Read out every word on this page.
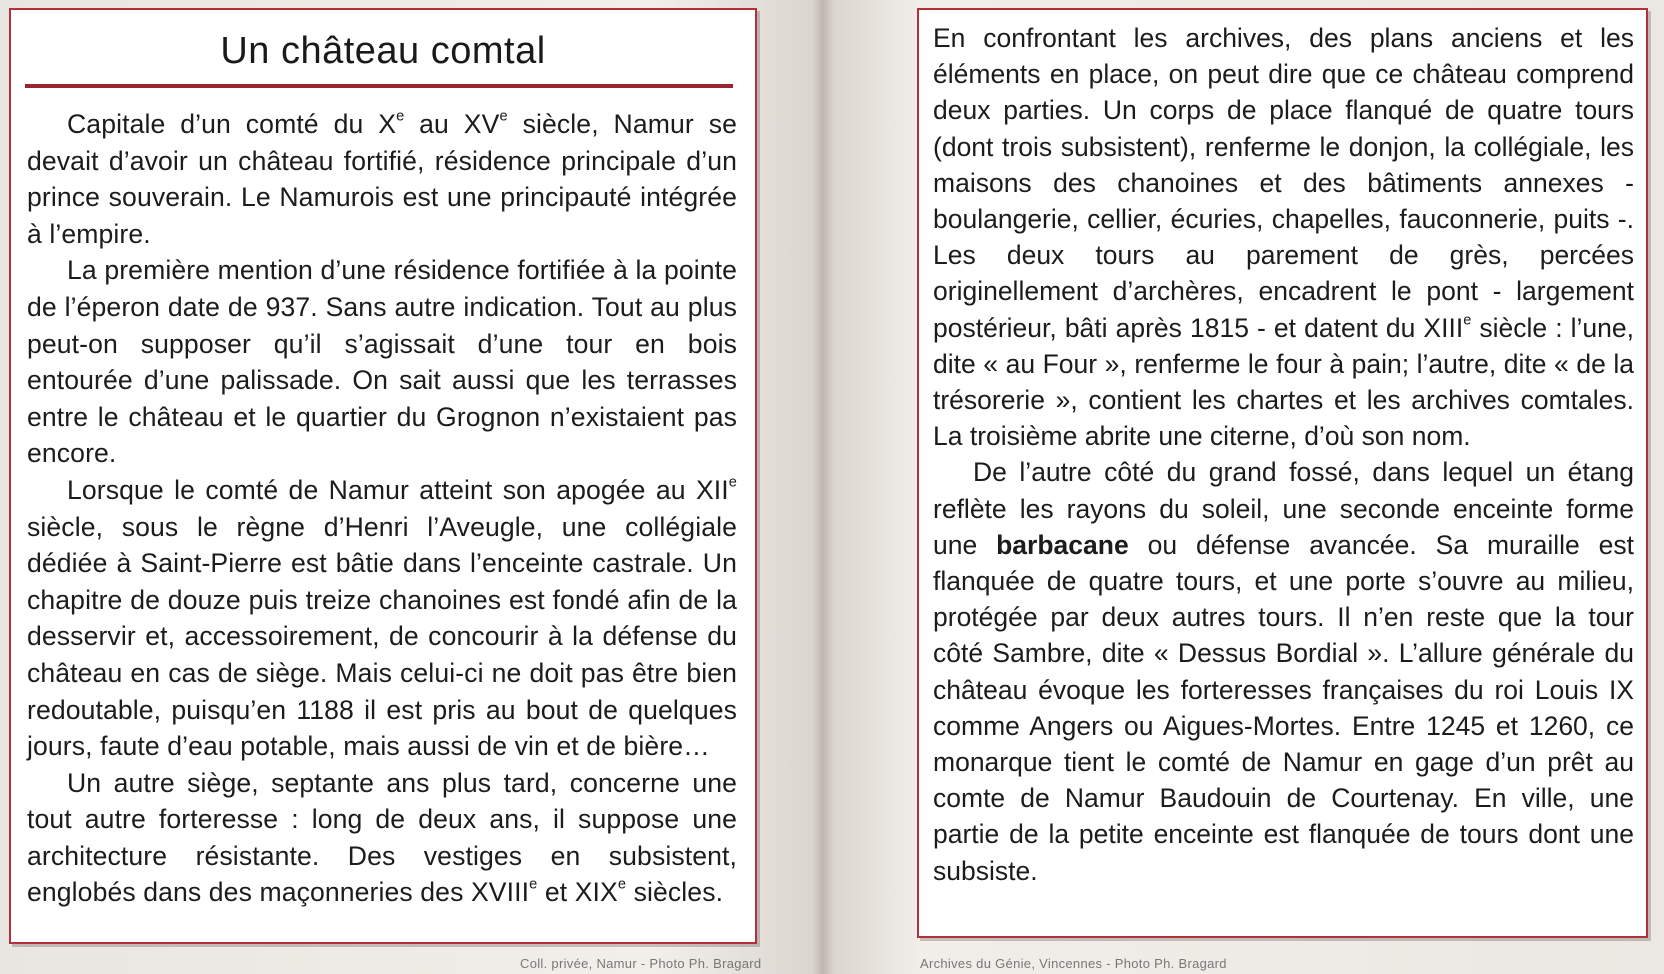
Un château comtal

Capitale d’un comté du Xe au XVe siècle, Namur se devait d’avoir un château fortifié, résidence principale d’un prince souverain. Le Namurois est une principauté intégrée à l’empire.

La première mention d’une résidence fortifiée à la pointe de l’éperon date de 937. Sans autre indication. Tout au plus peut-on supposer qu’il s’agissait d’une tour en bois entourée d’une palissade. On sait aussi que les terrasses entre le château et le quartier du Grognon n’existaient pas encore.

Lorsque le comté de Namur atteint son apogée au XIIe siècle, sous le règne d’Henri l’Aveugle, une collégiale dédiée à Saint-Pierre est bâtie dans l’enceinte castrale. Un chapitre de douze puis treize chanoines est fondé afin de la desservir et, accessoirement, de concourir à la défense du château en cas de siège. Mais celui-ci ne doit pas être bien redoutable, puisqu’en 1188 il est pris au bout de quelques jours, faute d’eau potable, mais aussi de vin et de bière…

Un autre siège, septante ans plus tard, concerne une tout autre forteresse : long de deux ans, il suppose une architecture résistante. Des vestiges en subsistent, englobés dans des maçonneries des XVIIIe et XIXe siècles.

En confrontant les archives, des plans anciens et les éléments en place, on peut dire que ce château comprend deux parties. Un corps de place flanqué de quatre tours (dont trois subsistent), renferme le donjon, la collégiale, les maisons des chanoines et des bâtiments annexes - boulangerie, cellier, écuries, chapelles, fauconnerie, puits -. Les deux tours au parement de grès, percées originellement d’archères, encadrent le pont - largement postérieur, bâti après 1815 - et datent du XIIIe siècle : l’une, dite « au Four », renferme le four à pain; l’autre, dite « de la trésorerie », contient les chartes et les archives comtales. La troisième abrite une citerne, d’où son nom.

De l’autre côté du grand fossé, dans lequel un étang reflète les rayons du soleil, une seconde enceinte forme une barbacane ou défense avancée. Sa muraille est flanquée de quatre tours, et une porte s’ouvre au milieu, protégée par deux autres tours. Il n’en reste que la tour côté Sambre, dite « Dessus Bordial ». L’allure générale du château évoque les forteresses françaises du roi Louis IX comme Angers ou Aigues-Mortes. Entre 1245 et 1260, ce monarque tient le comté de Namur en gage d’un prêt au comte de Namur Baudouin de Courtenay. En ville, une partie de la petite enceinte est flanquée de tours dont une subsiste.

Coll. privée, Namur - Photo Ph. Bragard	Archives du Génie, Vincennes - Photo Ph. Bragard
